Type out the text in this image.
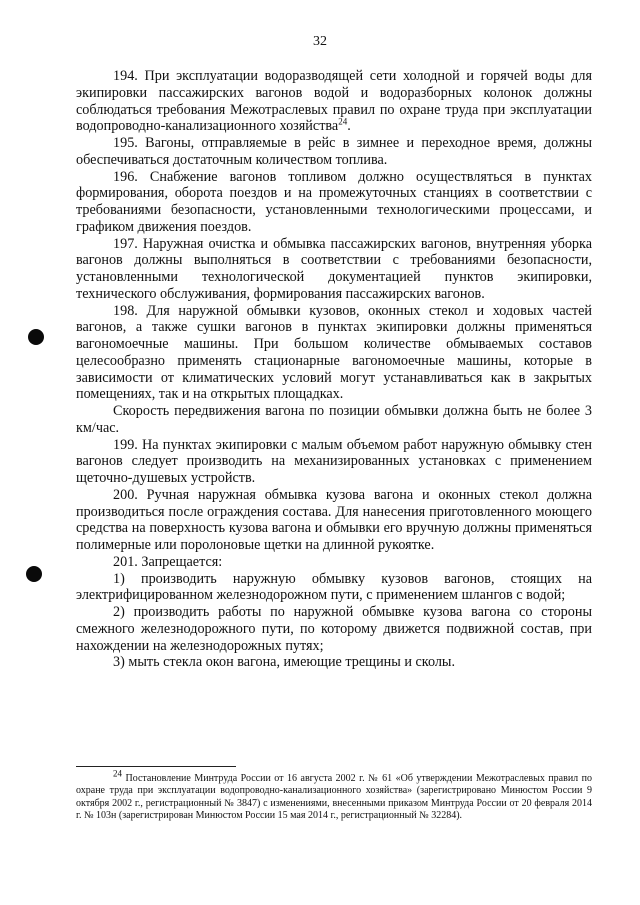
32

194. При эксплуатации водоразводящей сети холодной и горячей воды для экипировки пассажирских вагонов водой и водоразборных колонок должны соблюдаться требования Межотраслевых правил по охране труда при эксплуатации водопроводно-канализационного хозяйства$^{24}$.

195. Вагоны, отправляемые в рейс в зимнее и переходное время, должны обеспечиваться достаточным количеством топлива.

196. Снабжение вагонов топливом должно осуществляться в пунктах формирования, оборота поездов и на промежуточных станциях в соответствии с требованиями безопасности, установленными технологическими процессами, и графиком движения поездов.

197. Наружная очистка и обмывка пассажирских вагонов, внутренняя уборка вагонов должны выполняться в соответствии с требованиями безопасности, установленными технологической документацией пунктов экипировки, технического обслуживания, формирования пассажирских вагонов.

198. Для наружной обмывки кузовов, оконных стекол и ходовых частей вагонов, а также сушки вагонов в пунктах экипировки должны применяться вагономоечные машины. При большом количестве обмываемых составов целесообразно применять стационарные вагономоечные машины, которые в зависимости от климатических условий могут устанавливаться как в закрытых помещениях, так и на открытых площадках.

Скорость передвижения вагона по позиции обмывки должна быть не более 3 км/час.

199. На пунктах экипировки с малым объемом работ наружную обмывку стен вагонов следует производить на механизированных установках с применением щеточно-душевых устройств.

200. Ручная наружная обмывка кузова вагона и оконных стекол должна производиться после ограждения состава. Для нанесения приготовленного моющего средства на поверхность кузова вагона и обмывки его вручную должны применяться полимерные или поролоновые щетки на длинной рукоятке.

201. Запрещается:

1) производить наружную обмывку кузовов вагонов, стоящих на электрифицированном железнодорожном пути, с применением шлангов с водой;

2) производить работы по наружной обмывке кузова вагона со стороны смежного железнодорожного пути, по которому движется подвижной состав, при нахождении на железнодорожных путях;

3) мыть стекла окон вагона, имеющие трещины и сколы.

$^{24}$ Постановление Минтруда России от 16 августа 2002 г. № 61 «Об утверждении Межотраслевых правил по охране труда при эксплуатации водопроводно-канализационного хозяйства» (зарегистрировано Минюстом России 9 октября 2002 г., регистрационный № 3847) с изменениями, внесенными приказом Минтруда России от 20 февраля 2014 г. № 103н (зарегистрирован Минюстом России 15 мая 2014 г., регистрационный № 32284).
